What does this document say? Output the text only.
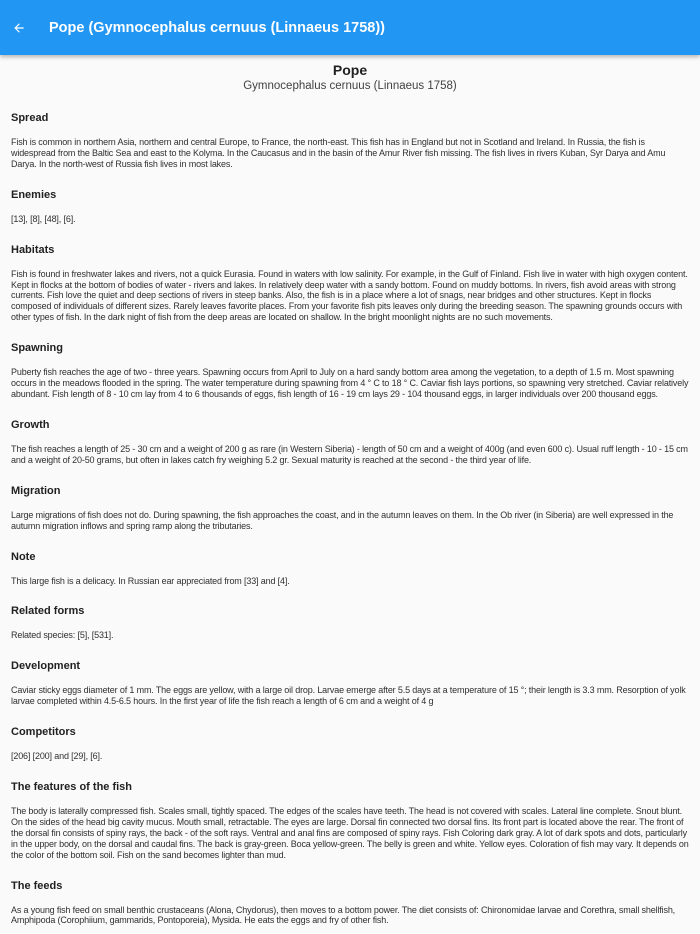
Pope (Gymnocephalus cernuus (Linnaeus 1758))
Pope
Gymnocephalus cernuus (Linnaeus 1758)
Spread
Fish is common in northern Asia, northern and central Europe, to France, the north-east. This fish has in England but not in Scotland and Ireland. In Russia, the fish is widespread from the Baltic Sea and east to the Kolyma. In the Caucasus and in the basin of the Amur River fish missing. The fish lives in rivers Kuban, Syr Darya and Amu Darya. In the north-west of Russia fish lives in most lakes.
Enemies
[13], [8], [48], [6].
Habitats
Fish is found in freshwater lakes and rivers, not a quick Eurasia. Found in waters with low salinity. For example, in the Gulf of Finland. Fish live in water with high oxygen content. Kept in flocks at the bottom of bodies of water - rivers and lakes. In relatively deep water with a sandy bottom. Found on muddy bottoms. In rivers, fish avoid areas with strong currents. Fish love the quiet and deep sections of rivers in steep banks. Also, the fish is in a place where a lot of snags, near bridges and other structures. Kept in flocks composed of individuals of different sizes. Rarely leaves favorite places. From your favorite fish pits leaves only during the breeding season. The spawning grounds occurs with other types of fish. In the dark night of fish from the deep areas are located on shallow. In the bright moonlight nights are no such movements.
Spawning
Puberty fish reaches the age of two - three years. Spawning occurs from April to July on a hard sandy bottom area among the vegetation, to a depth of 1.5 m. Most spawning occurs in the meadows flooded in the spring. The water temperature during spawning from 4 ° C to 18 ° C. Caviar fish lays portions, so spawning very stretched. Caviar relatively abundant. Fish length of 8 - 10 cm lay from 4 to 6 thousands of eggs, fish length of 16 - 19 cm lays 29 - 104 thousand eggs, in larger individuals over 200 thousand eggs.
Growth
The fish reaches a length of 25 - 30 cm and a weight of 200 g as rare (in Western Siberia) - length of 50 cm and a weight of 400g (and even 600 c). Usual ruff length - 10 - 15 cm and a weight of 20-50 grams, but often in lakes catch fry weighing 5.2 gr. Sexual maturity is reached at the second - the third year of life.
Migration
Large migrations of fish does not do. During spawning, the fish approaches the coast, and in the autumn leaves on them. In the Ob river (in Siberia) are well expressed in the autumn migration inflows and spring ramp along the tributaries.
Note
This large fish is a delicacy. In Russian ear appreciated from [33] and [4].
Related forms
Related species: [5], [531].
Development
Caviar sticky eggs diameter of 1 mm. The eggs are yellow, with a large oil drop. Larvae emerge after 5.5 days at a temperature of 15 °; their length is 3.3 mm. Resorption of yolk larvae completed within 4.5-6.5 hours. In the first year of life the fish reach a length of 6 cm and a weight of 4 g
Competitors
[206] [200] and [29], [6].
The features of the fish
The body is laterally compressed fish. Scales small, tightly spaced. The edges of the scales have teeth. The head is not covered with scales. Lateral line complete. Snout blunt. On the sides of the head big cavity mucus. Mouth small, retractable. The eyes are large. Dorsal fin connected two dorsal fins. Its front part is located above the rear. The front of the dorsal fin consists of spiny rays, the back - of the soft rays. Ventral and anal fins are composed of spiny rays. Fish Coloring dark gray. A lot of dark spots and dots, particularly in the upper body, on the dorsal and caudal fins. The back is gray-green. Boca yellow-green. The belly is green and white. Yellow eyes. Coloration of fish may vary. It depends on the color of the bottom soil. Fish on the sand becomes lighter than mud.
The feeds
As a young fish feed on small benthic crustaceans (Alona, Chydorus), then moves to a bottom power. The diet consists of: Chironomidae larvae and Corethra, small shellfish, Amphipoda (Corophiium, gammarids, Pontoporeia), Mysida. He eats the eggs and fry of other fish.
